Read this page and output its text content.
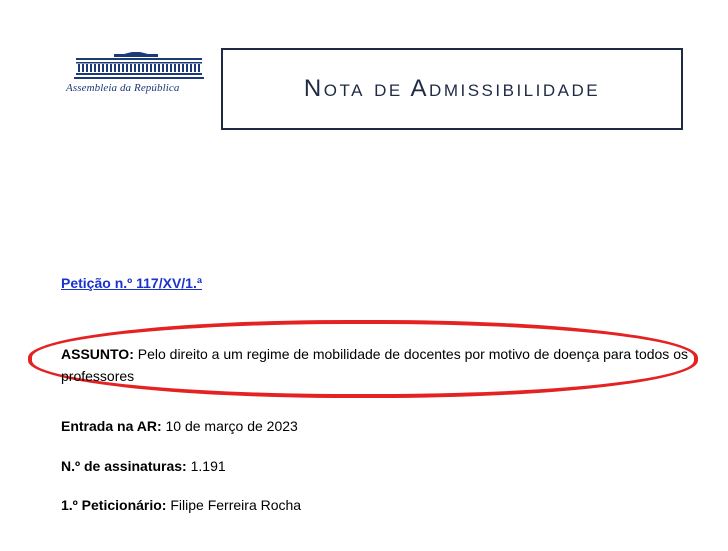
Assembleia da República	Nota de Admissibilidade
Petição n.º 117/XV/1.ª
ASSUNTO: Pelo direito a um regime de mobilidade de docentes por motivo de doença para todos os professores
Entrada na AR: 10 de março de 2023
N.º de assinaturas: 1.191
1.º Peticionário: Filipe Ferreira Rocha
